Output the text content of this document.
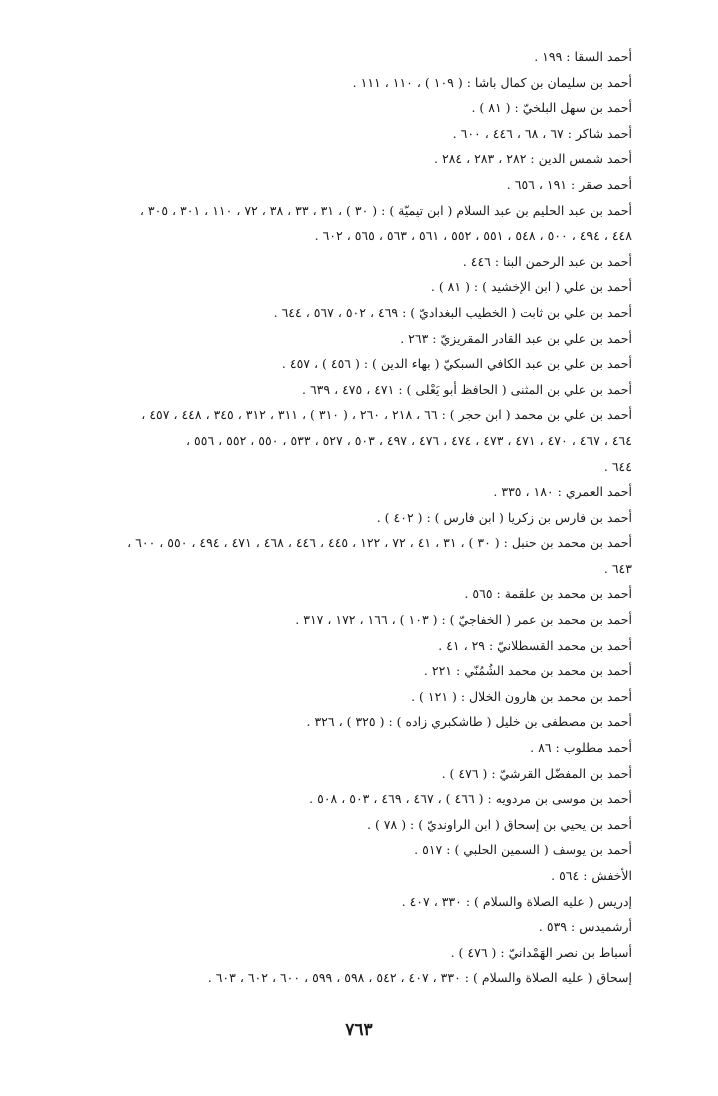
أحمد السقا : ١٩٩ .
أحمد بن سليمان بن كمال باشا : ( ١٠٩ ) ، ١١٠ ، ١١١ .
أحمد بن سهل البلخيّ : ( ٨١ ) .
أحمد شاكر : ٦٧ ، ٦٨ ، ٤٤٦ ، ٦٠٠ .
أحمد شمس الدين : ٢٨٢ ، ٢٨٣ ، ٢٨٤ .
أحمد صقر : ١٩١ ، ٦٥٦ .
أحمد بن عبد الحليم بن عبد السلام ( ابن تيميّة ) : ( ٣٠ ) ، ٣١ ، ٣٣ ، ٣٨ ، ٧٢ ، ١١٠ ، ٣٠١ ، ٣٠٥ ،
٤٤٨ ، ٤٩٤ ، ٥٠٠ ، ٥٤٨ ، ٥٥١ ، ٥٥٢ ، ٥٦١ ، ٥٦٣ ، ٥٦٥ ، ٦٠٢ .
أحمد بن عبد الرحمن البنا : ٤٤٦ .
أحمد بن علي ( ابن الإخشيد ) : ( ٨١ ) .
أحمد بن علي بن ثابت ( الخطيب البغداديّ ) : ٤٦٩ ، ٥٠٢ ، ٥٦٧ ، ٦٤٤ .
أحمد بن علي بن عبد القادر المقريزيّ : ٢٦٣ .
أحمد بن علي بن عبد الكافي السبكيّ ( بهاء الدين ) : ( ٤٥٦ ) ، ٤٥٧ .
أحمد بن علي بن المثنى ( الحافظ أبو يَعْلى ) : ٤٧١ ، ٤٧٥ ، ٦٣٩ .
أحمد بن علي بن محمد ( ابن حجر ) : ٦٦ ، ٢١٨ ، ٢٦٠ ، ( ٣١٠ ) ، ٣١١ ، ٣١٢ ، ٣٤٥ ، ٤٤٨ ، ٤٥٧ ،
٤٦٤ ، ٤٦٧ ، ٤٧٠ ، ٤٧١ ، ٤٧٣ ، ٤٧٤ ، ٤٧٦ ، ٤٩٧ ، ٥٠٣ ، ٥٢٧ ، ٥٣٣ ، ٥٥٠ ، ٥٥٢ ، ٥٥٦ ،
٦٤٤ .
أحمد العمري : ١٨٠ ، ٣٣٥ .
أحمد بن فارس بن زكريا ( ابن فارس ) : ( ٤٠٢ ) .
أحمد بن محمد بن حنبل : ( ٣٠ ) ، ٣١ ، ٤١ ، ٧٢ ، ١٢٢ ، ٤٤٥ ، ٤٤٦ ، ٤٦٨ ، ٤٧١ ، ٤٩٤ ، ٥٥٠ ، ٦٠٠ ،
٦٤٣ .
أحمد بن محمد بن علقمة : ٥٦٥ .
أحمد بن محمد بن عمر ( الخفاجيّ ) : ( ١٠٣ ) ، ١٦٦ ، ١٧٢ ، ٣١٧ .
أحمد بن محمد القسطلانيّ : ٢٩ ، ٤١ .
أحمد بن محمد بن محمد الشُمُنّي : ٢٢١ .
أحمد بن محمد بن هارون الخلال : ( ١٢١ ) .
أحمد بن مصطفى بن خليل ( طاشكبري زاده ) : ( ٣٢٥ ) ، ٣٢٦ .
أحمد مطلوب : ٨٦ .
أحمد بن المفضّل القرشيّ : ( ٤٧٦ ) .
أحمد بن موسى بن مردويه : ( ٤٦٦ ) ، ٤٦٧ ، ٤٦٩ ، ٥٠٣ ، ٥٠٨ .
أحمد بن يحيي بن إسحاق ( ابن الراونديّ ) : ( ٧٨ ) .
أحمد بن يوسف ( السمين الحلبي ) : ٥١٧ .
الأخفش : ٥٦٤ .
إدريس ( عليه الصلاة والسلام ) : ٣٣٠ ، ٤٠٧ .
أرشميدس : ٥٣٩ .
أسباط بن نصر الهَمْدانيّ : ( ٤٧٦ ) .
إسحاق ( عليه الصلاة والسلام ) : ٣٣٠ ، ٤٠٧ ، ٥٤٢ ، ٥٩٨ ، ٥٩٩ ، ٦٠٠ ، ٦٠٢ ، ٦٠٣ .
٧٦٣
